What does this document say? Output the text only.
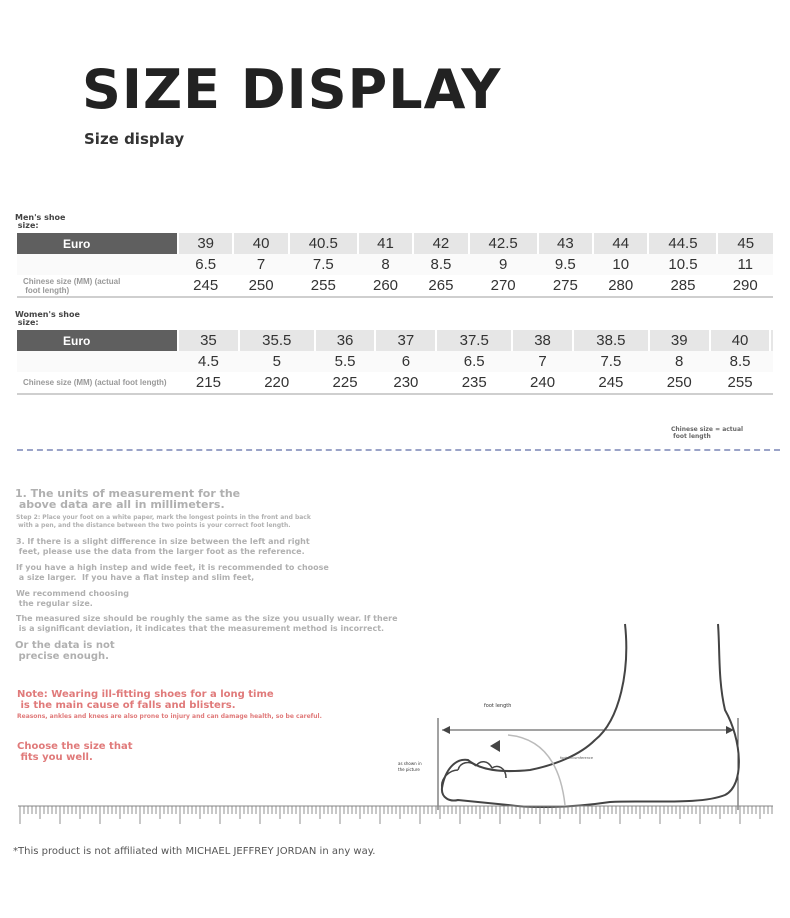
SIZE DISPLAY
Size display
Men's shoe
size:
Euro	39	40	40.5	41	42	42.5	43	44	44.5	45
	6.5	7	7.5	8	8.5	9	9.5	10	10.5	11
Chinese size (MM) (actual
foot length)	245	250	255	260	265	270	275	280	285	290
Women's shoe
size:
Euro	35	35.5	36	37	37.5	38	38.5	39	40	
	4.5	5	5.5	6	6.5	7	7.5	8	8.5	
Chinese size (MM) (actual foot length)	215	220	225	230	235	240	245	250	255	
Chinese size = actual
foot length
1. The units of measurement for the
above data are all in millimeters.
Step 2: Place your foot on a white paper, mark the longest points in the front and back
with a pen, and the distance between the two points is your correct foot length.
3. If there is a slight difference in size between the left and right
feet, please use the data from the larger foot as the reference.
If you have a high instep and wide feet, it is recommended to choose
a size larger.  If you have a flat instep and slim feet,
We recommend choosing
the regular size.
The measured size should be roughly the same as the size you usually wear. If there
is a significant deviation, it indicates that the measurement method is incorrect.
Or the data is not
precise enough.
Note: Wearing ill-fitting shoes for a long time
is the main cause of falls and blisters.
Reasons, ankles and knees are also prone to injury and can damage health, so be careful.
Choose the size that
fits you well.
foot length
foot circumference
as shown in
the picture
*This product is not affiliated with MICHAEL JEFFREY JORDAN in any way.
